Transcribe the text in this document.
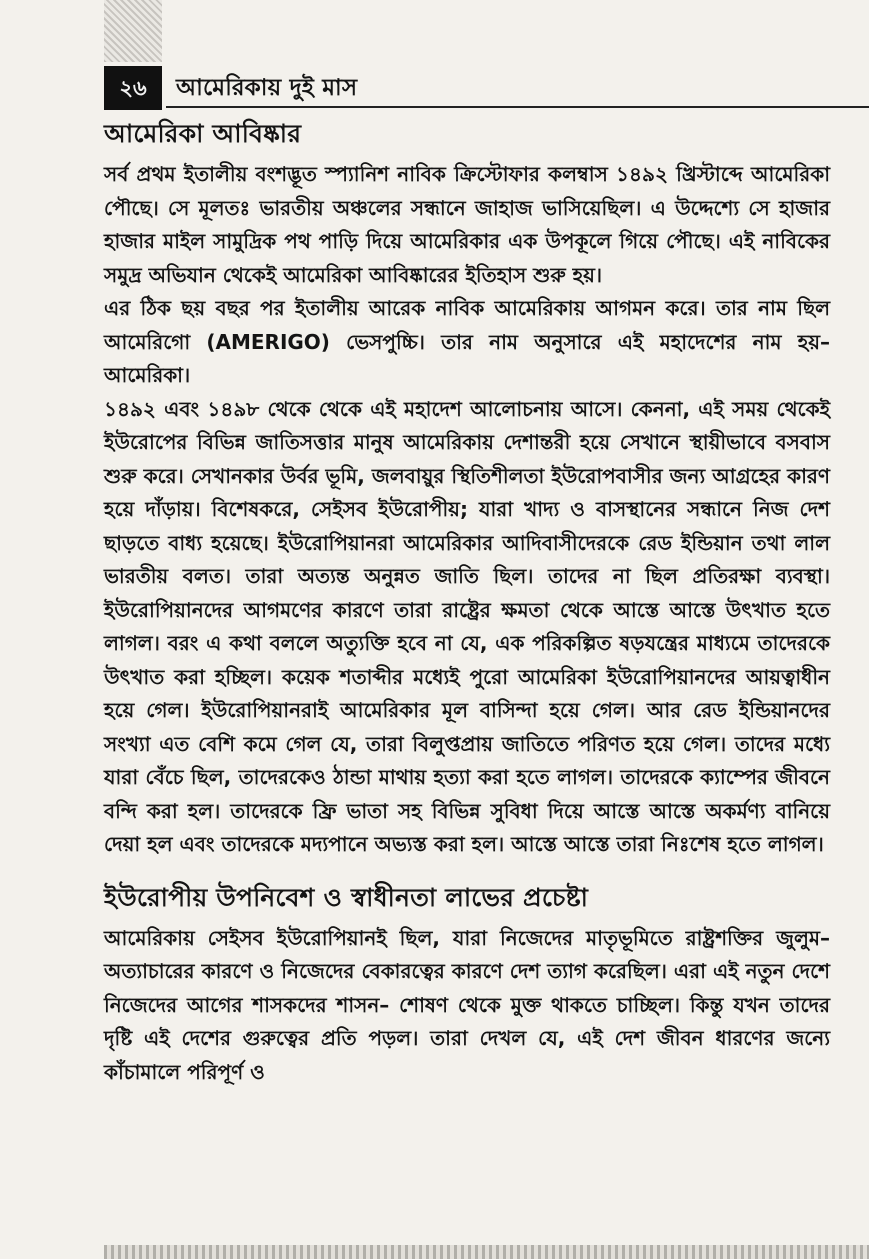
২৬	আমেরিকায় দুই মাস
আমেরিকা আবিষ্কার

সর্ব প্রথম ইতালীয় বংশদ্ভূত স্প্যানিশ নাবিক ক্রিস্টোফার কলম্বাস ১৪৯২ খ্রিস্টাব্দে আমেরিকা পৌছে। সে মূলতঃ ভারতীয় অঞ্চলের সন্ধানে জাহাজ ভাসিয়েছিল। এ উদ্দেশ্যে সে হাজার হাজার মাইল সামুদ্রিক পথ পাড়ি দিয়ে আমেরিকার এক উপকূলে গিয়ে পৌছে। এই নাবিকের সমুদ্র অভিযান থেকেই আমেরিকা আবিষ্কারের ইতিহাস শুরু হয়।

এর ঠিক ছয় বছর পর ইতালীয় আরেক নাবিক আমেরিকায় আগমন করে। তার নাম ছিল আমেরিগো (AMERIGO) ভেসপুচ্চি। তার নাম অনুসারে এই মহাদেশের নাম হয়– আমেরিকা।

১৪৯২ এবং ১৪৯৮ থেকে থেকে এই মহাদেশ আলোচনায় আসে। কেননা, এই সময় থেকেই ইউরোপের বিভিন্ন জাতিসত্তার মানুষ আমেরিকায় দেশান্তরী হয়ে সেখানে স্থায়ীভাবে বসবাস শুরু করে। সেখানকার উর্বর ভূমি, জলবায়ুর স্থিতিশীলতা ইউরোপবাসীর জন্য আগ্রহের কারণ হয়ে দাঁড়ায়। বিশেষকরে, সেইসব ইউরোপীয়; যারা খাদ্য ও বাসস্থানের সন্ধানে নিজ দেশ ছাড়তে বাধ্য হয়েছে। ইউরোপিয়ানরা আমেরিকার আদিবাসীদেরকে রেড ইন্ডিয়ান তথা লাল ভারতীয় বলত। তারা অত্যন্ত অনুন্নত জাতি ছিল। তাদের না ছিল প্রতিরক্ষা ব্যবস্থা। ইউরোপিয়ানদের আগমণের কারণে তারা রাষ্ট্রের ক্ষমতা থেকে আস্তে আস্তে উৎখাত হতে লাগল। বরং এ কথা বললে অত্যুক্তি হবে না যে, এক পরিকল্পিত ষড়যন্ত্রের মাধ্যমে তাদেরকে উৎখাত করা হচ্ছিল। কয়েক শতাব্দীর মধ্যেই পুরো আমেরিকা ইউরোপিয়ানদের আয়ত্বাধীন হয়ে গেল। ইউরোপিয়ানরাই আমেরিকার মূল বাসিন্দা হয়ে গেল। আর রেড ইন্ডিয়ানদের সংখ্যা এত বেশি কমে গেল যে, তারা বিলুপ্তপ্রায় জাতিতে পরিণত হয়ে গেল। তাদের মধ্যে যারা বেঁচে ছিল, তাদেরকেও ঠান্ডা মাথায় হত্যা করা হতে লাগল। তাদেরকে ক্যাম্পের জীবনে বন্দি করা হল। তাদেরকে ফ্রি ভাতা সহ বিভিন্ন সুবিধা দিয়ে আস্তে আস্তে অকর্মণ্য বানিয়ে দেয়া হল এবং তাদেরকে মদ্যপানে অভ্যস্ত করা হল। আস্তে আস্তে তারা নিঃশেষ হতে লাগল।

ইউরোপীয় উপনিবেশ ও স্বাধীনতা লাভের প্রচেষ্টা

আমেরিকায় সেইসব ইউরোপিয়ানই ছিল, যারা নিজেদের মাতৃভূমিতে রাষ্ট্রশক্তির জুলুম– অত্যাচারের কারণে ও নিজেদের বেকারত্বের কারণে দেশ ত্যাগ করেছিল। এরা এই নতুন দেশে নিজেদের আগের শাসকদের শাসন– শোষণ থেকে মুক্ত থাকতে চাচ্ছিল। কিন্তু যখন তাদের দৃষ্টি এই দেশের গুরুত্বের প্রতি পড়ল। তারা দেখল যে, এই দেশ জীবন ধারণের জন্যে কাঁচামালে পরিপূর্ণ ও
